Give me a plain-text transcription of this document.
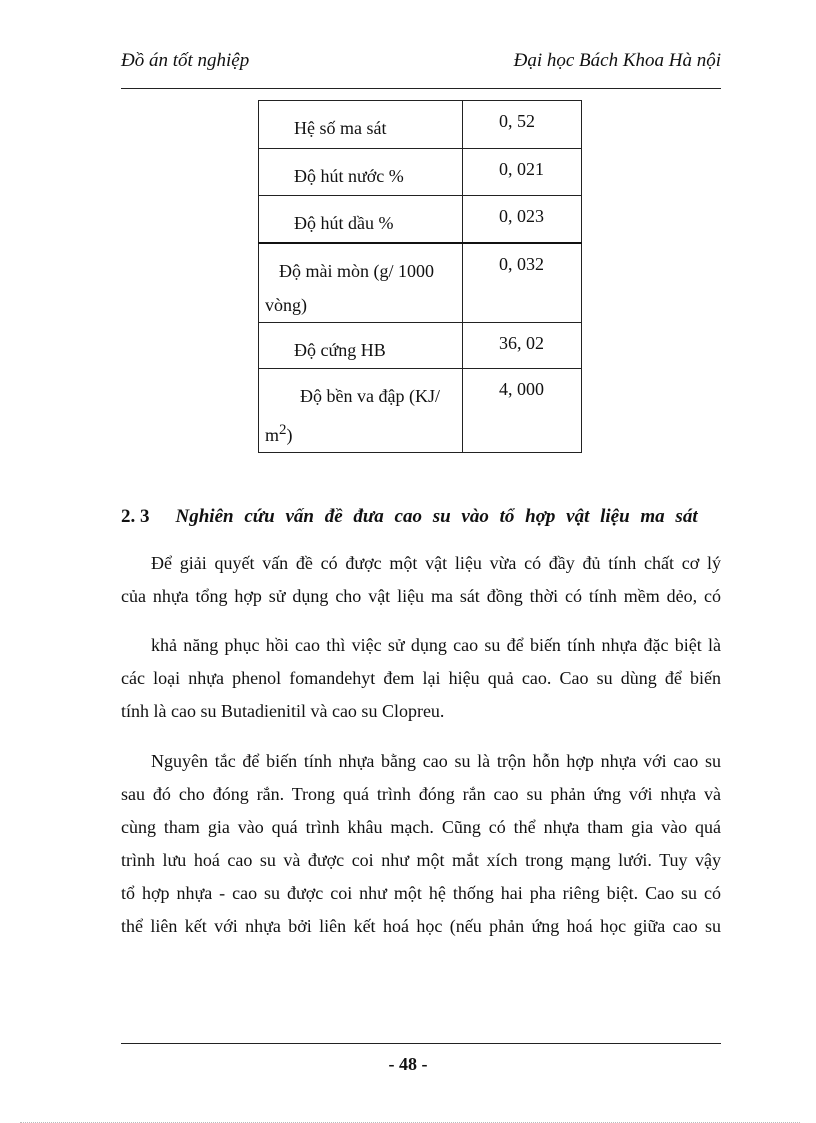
Đồ án tốt nghiệp	Đại học Bách Khoa Hà nội
Hệ số ma sát	0, 52

Độ hút nước %	0, 021

Độ hút dầu %	0, 023

Độ mài mòn (g/ 1000
vòng)	0, 032

Độ cứng HB	36, 02

Độ bền va đập (KJ/
$m^2$)	4, 000
2. 3 Nghiên cứu vấn đề đưa cao su vào tổ hợp vật liệu ma sát
Để giải quyết vấn đề có được một vật liệu vừa có đầy đủ tính chất cơ lý
của nhựa tổng hợp sử dụng cho vật liệu ma sát đồng thời có tính mềm dẻo, có
khả năng phục hồi cao thì việc sử dụng cao su để biến tính nhựa đặc biệt là
các loại nhựa phenol fomandehyt đem lại hiệu quả cao. Cao su dùng để biến
tính là cao su Butadienitil và cao su Clopreu.
Nguyên tắc để biến tính nhựa bằng cao su là trộn hỗn hợp nhựa với cao su
sau đó cho đóng rắn. Trong quá trình đóng rắn cao su phản ứng với nhựa và
cùng tham gia vào quá trình khâu mạch. Cũng có thể nhựa tham gia vào quá
trình lưu hoá cao su và được coi như một mắt xích trong mạng lưới. Tuy vậy
tổ hợp nhựa - cao su được coi như một hệ thống hai pha riêng biệt. Cao su có
thể liên kết với nhựa bởi liên kết hoá học (nếu phản ứng hoá học giữa cao su
- 48 -
